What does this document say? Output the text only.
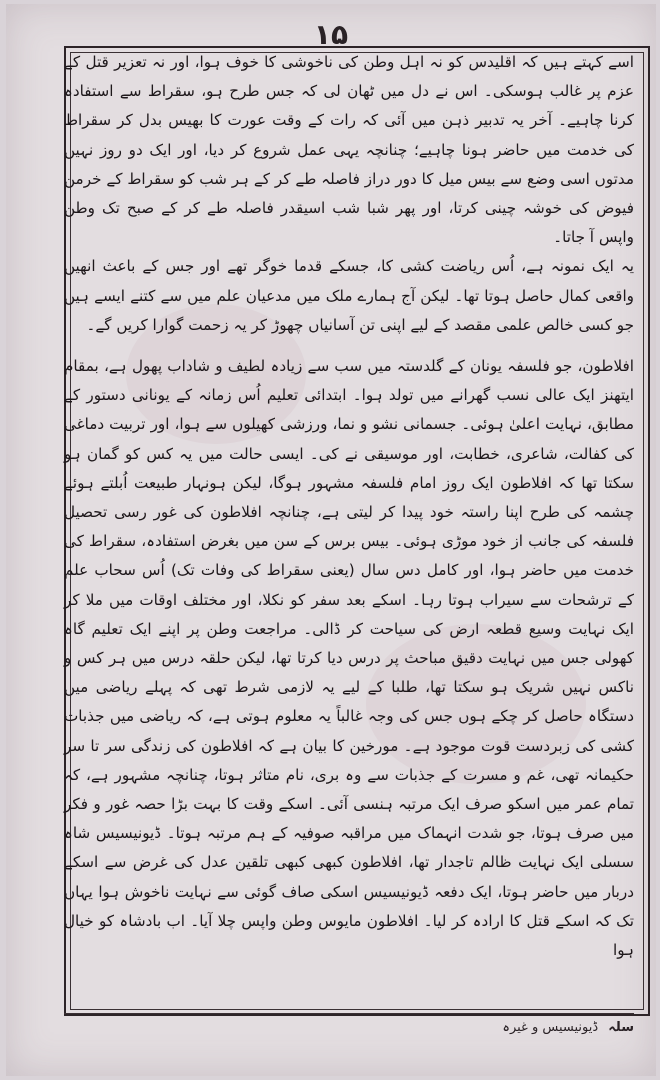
۱۵

اسے کہتے ہیں کہ اقلیدس کو نہ اہل وطن کی ناخوشی کا خوف ہوا، اور نہ تعزیر قتل کے عزم پر غالب ہوسکی۔ اس نے دل میں ٹھان لی کہ جس طرح ہو، سقراط سے استفادہ کرنا چاہیے۔ آخر یہ تدبیر ذہن میں آئی کہ رات کے وقت عورت کا بھیس بدل کر سقراط کی خدمت میں حاضر ہونا چاہیے؛ چنانچہ یہی عمل شروع کر دیا، اور ایک دو روز نہیں مدتوں اسی وضع سے بیس میل کا دور دراز فاصلہ طے کر کے ہر شب کو سقراط کے خرمن فیوض کی خوشہ چینی کرتا، اور پھر شبا شب اسیقدر فاصلہ طے کر کے صبح تک وطن واپس آ جاتا۔

یہ ایک نمونہ ہے، اُس ریاضت کشی کا، جسکے قدما خوگر تھے اور جس کے باعث انھیں واقعی کمال حاصل ہوتا تھا۔ لیکن آج ہمارے ملک میں مدعیان علم میں سے کتنے ایسے ہیں جو کسی خالص علمی مقصد کے لیے اپنی تن آسانیاں چھوڑ کر یہ زحمت گوارا کریں گے۔

افلاطون، جو فلسفہ یونان کے گلدستہ میں سب سے زیادہ لطیف و شاداب پھول ہے، بمقام ایتھنز ایک عالی نسب گھرانے میں تولد ہوا۔ ابتدائی تعلیم اُس زمانہ کے یونانی دستور کے مطابق، نہایت اعلیٰ ہوئی۔ جسمانی نشو و نما، ورزشی کھیلوں سے ہوا، اور تربیت دماغی کی کفالت، شاعری، خطابت، اور موسیقی نے کی۔ ایسی حالت میں یہ کس کو گمان ہو سکتا تھا کہ افلاطون ایک روز امام فلسفہ مشہور ہوگا، لیکن ہونہار طبیعت اُبلتے ہوئے چشمہ کی طرح اپنا راستہ خود پیدا کر لیتی ہے، چنانچہ افلاطون کی غور رسی تحصیل فلسفہ کی جانب از خود موڑی ہوئی۔ بیس برس کے سن میں بغرض استفادہ، سقراط کی خدمت میں حاضر ہوا، اور کامل دس سال (یعنی سقراط کی وفات تک) اُس سحاب علم کے ترشحات سے سیراب ہوتا رہا۔ اسکے بعد سفر کو نکلا، اور مختلف اوقات میں ملا کر ایک نہایت وسیع قطعہ ارض کی سیاحت کر ڈالی۔ مراجعت وطن پر اپنے ایک تعلیم گاہ کھولی جس میں نہایت دقیق مباحث پر درس دیا کرتا تھا، لیکن حلقہ درس میں ہر کس و ناکس نہیں شریک ہو سکتا تھا، طلبا کے لیے یہ لازمی شرط تھی کہ پہلے ریاضی میں دستگاہ حاصل کر چکے ہوں جس کی وجہ غالباً یہ معلوم ہوتی ہے، کہ ریاضی میں جذبات کشی کی زبردست قوت موجود ہے۔ مورخین کا بیان ہے کہ افلاطون کی زندگی سر تا سر حکیمانہ تھی، غم و مسرت کے جذبات سے وہ بری، نام متاثر ہوتا، چنانچہ مشہور ہے، کہ تمام عمر میں اسکو صرف ایک مرتبہ ہنسی آئی۔ اسکے وقت کا بہت بڑا حصہ غور و فکر میں صرف ہوتا، جو شدت انہماک میں مراقبہ صوفیہ کے ہم مرتبہ ہوتا۔ ڈیونیسیس شاہ سسلی ایک نہایت ظالم تاجدار تھا، افلاطون کبھی کبھی تلقین عدل کی غرض سے اسکے دربار میں حاضر ہوتا، ایک دفعہ ڈیونیسیس اسکی صاف گوئی سے نہایت ناخوش ہوا یہاں تک کہ اسکے قتل کا ارادہ کر لیا۔ افلاطون مایوس وطن واپس چلا آیا۔ اب بادشاہ کو خیال ہوا

سلہ ڈیونیسیس و غیرہ
